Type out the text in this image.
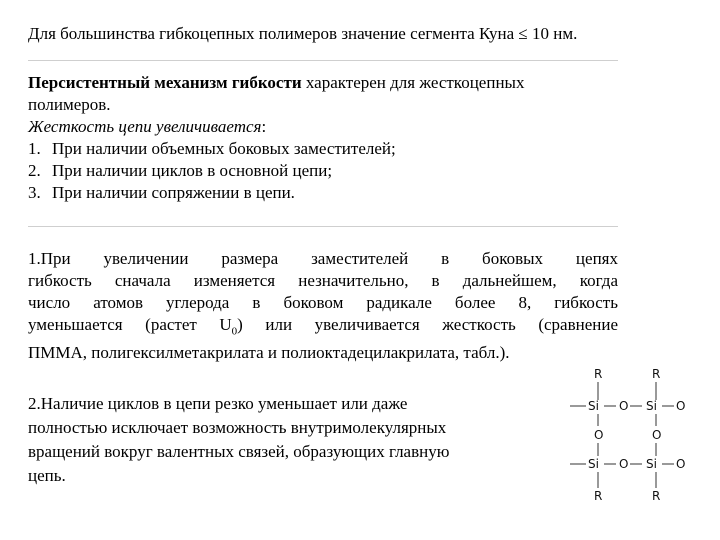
Для большинства гибкоцепных полимеров значение сегмента Куна ≤ 10 нм.
Персистентный механизм гибкости характерен для жесткоцепных
полимеров.
Жесткость цепи увеличивается:
1. При наличии объемных боковых заместителей;
2. При наличии циклов в основной цепи;
3. При наличии сопряжении в цепи.
1.При увеличении размера заместителей в боковых цепях
гибкость сначала изменяется незначительно, в дальнейшем, когда
число атомов углерода в боковом радикале более 8, гибкость
уменьшается (растет $U_0$) или увеличивается жесткость (сравнение
ПММА, полигексилметакрилата и полиоктадецилакрилата, табл.).
2.Наличие циклов в цепи резко уменьшает или даже
полностью исключает возможность внутримолекулярных
вращений вокруг валентных связей, образующих главную
цепь.
R	R
Si O Si O
O	O
Si O Si O
R	R
